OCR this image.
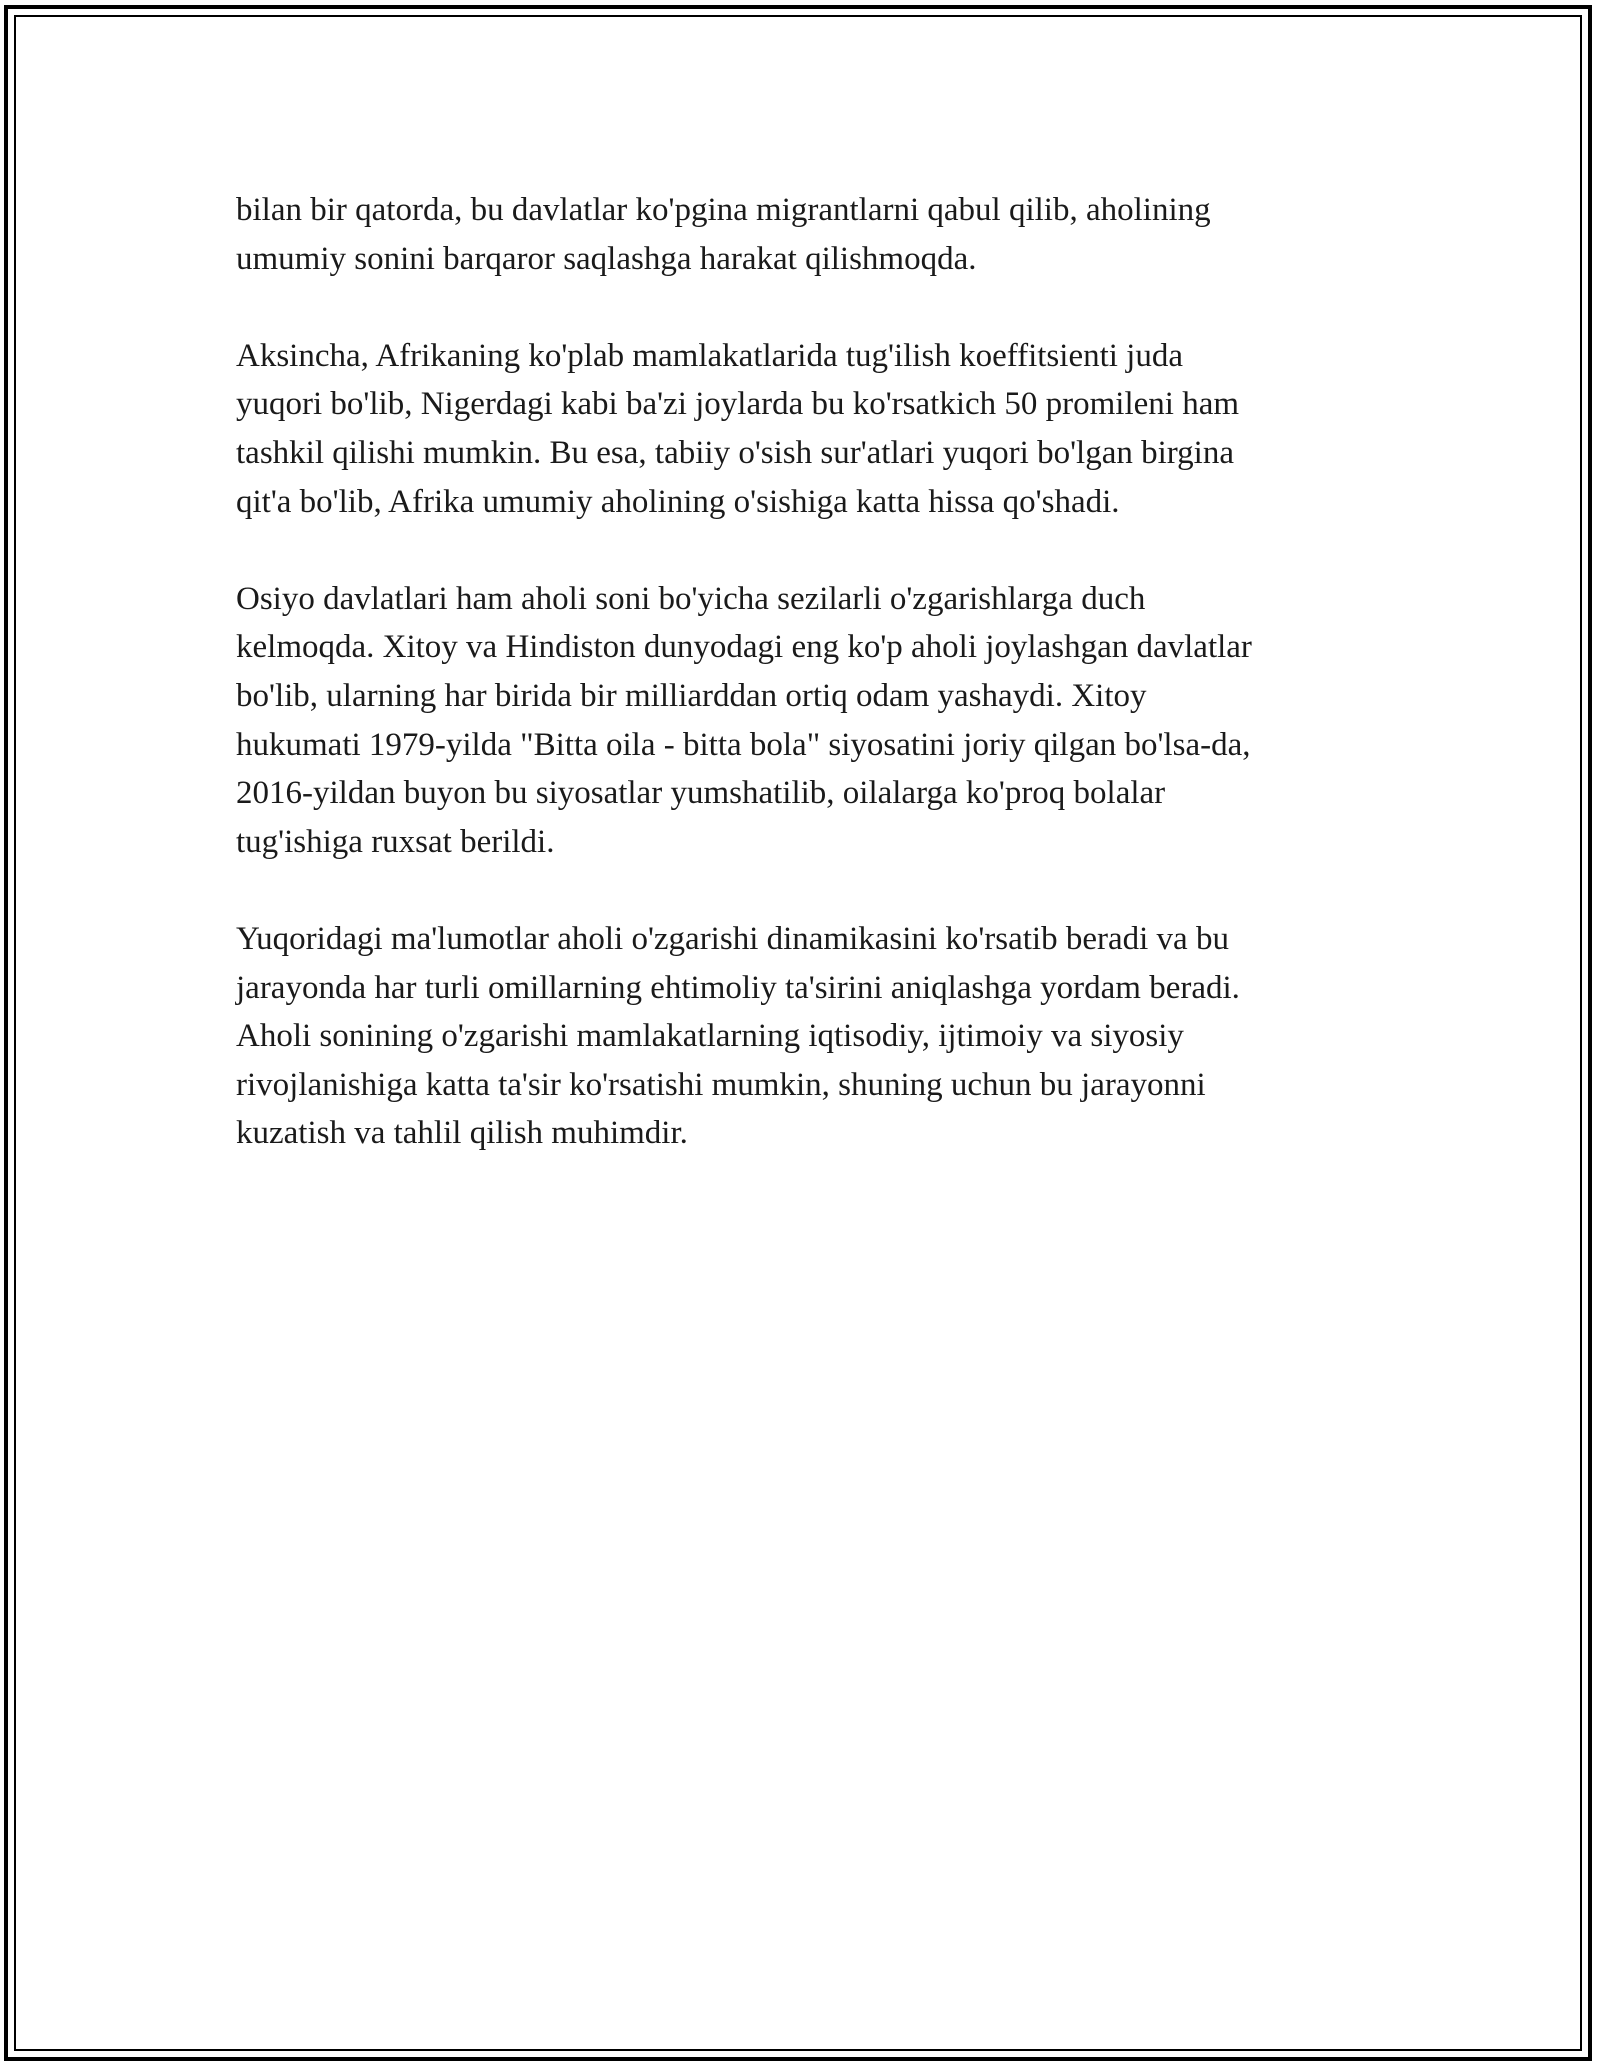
bilan bir qatorda, bu davlatlar ko'pgina migrantlarni qabul qilib, aholining
umumiy sonini barqaror saqlashga harakat qilishmoqda.

Aksincha, Afrikaning ko'plab mamlakatlarida tug'ilish koeffitsienti juda
yuqori bo'lib, Nigerdagi kabi ba'zi joylarda bu ko'rsatkich 50 promileni ham
tashkil qilishi mumkin. Bu esa, tabiiy o'sish sur'atlari yuqori bo'lgan birgina
qit'a bo'lib, Afrika umumiy aholining o'sishiga katta hissa qo'shadi.

Osiyo davlatlari ham aholi soni bo'yicha sezilarli o'zgarishlarga duch
kelmoqda. Xitoy va Hindiston dunyodagi eng ko'p aholi joylashgan davlatlar
bo'lib, ularning har birida bir milliarddan ortiq odam yashaydi. Xitoy
hukumati 1979-yilda "Bitta oila - bitta bola" siyosatini joriy qilgan bo'lsa-da,
2016-yildan buyon bu siyosatlar yumshatilib, oilalarga ko'proq bolalar
tug'ishiga ruxsat berildi.

Yuqoridagi ma'lumotlar aholi o'zgarishi dinamikasini ko'rsatib beradi va bu
jarayonda har turli omillarning ehtimoliy ta'sirini aniqlashga yordam beradi.
Aholi sonining o'zgarishi mamlakatlarning iqtisodiy, ijtimoiy va siyosiy
rivojlanishiga katta ta'sir ko'rsatishi mumkin, shuning uchun bu jarayonni
kuzatish va tahlil qilish muhimdir.
